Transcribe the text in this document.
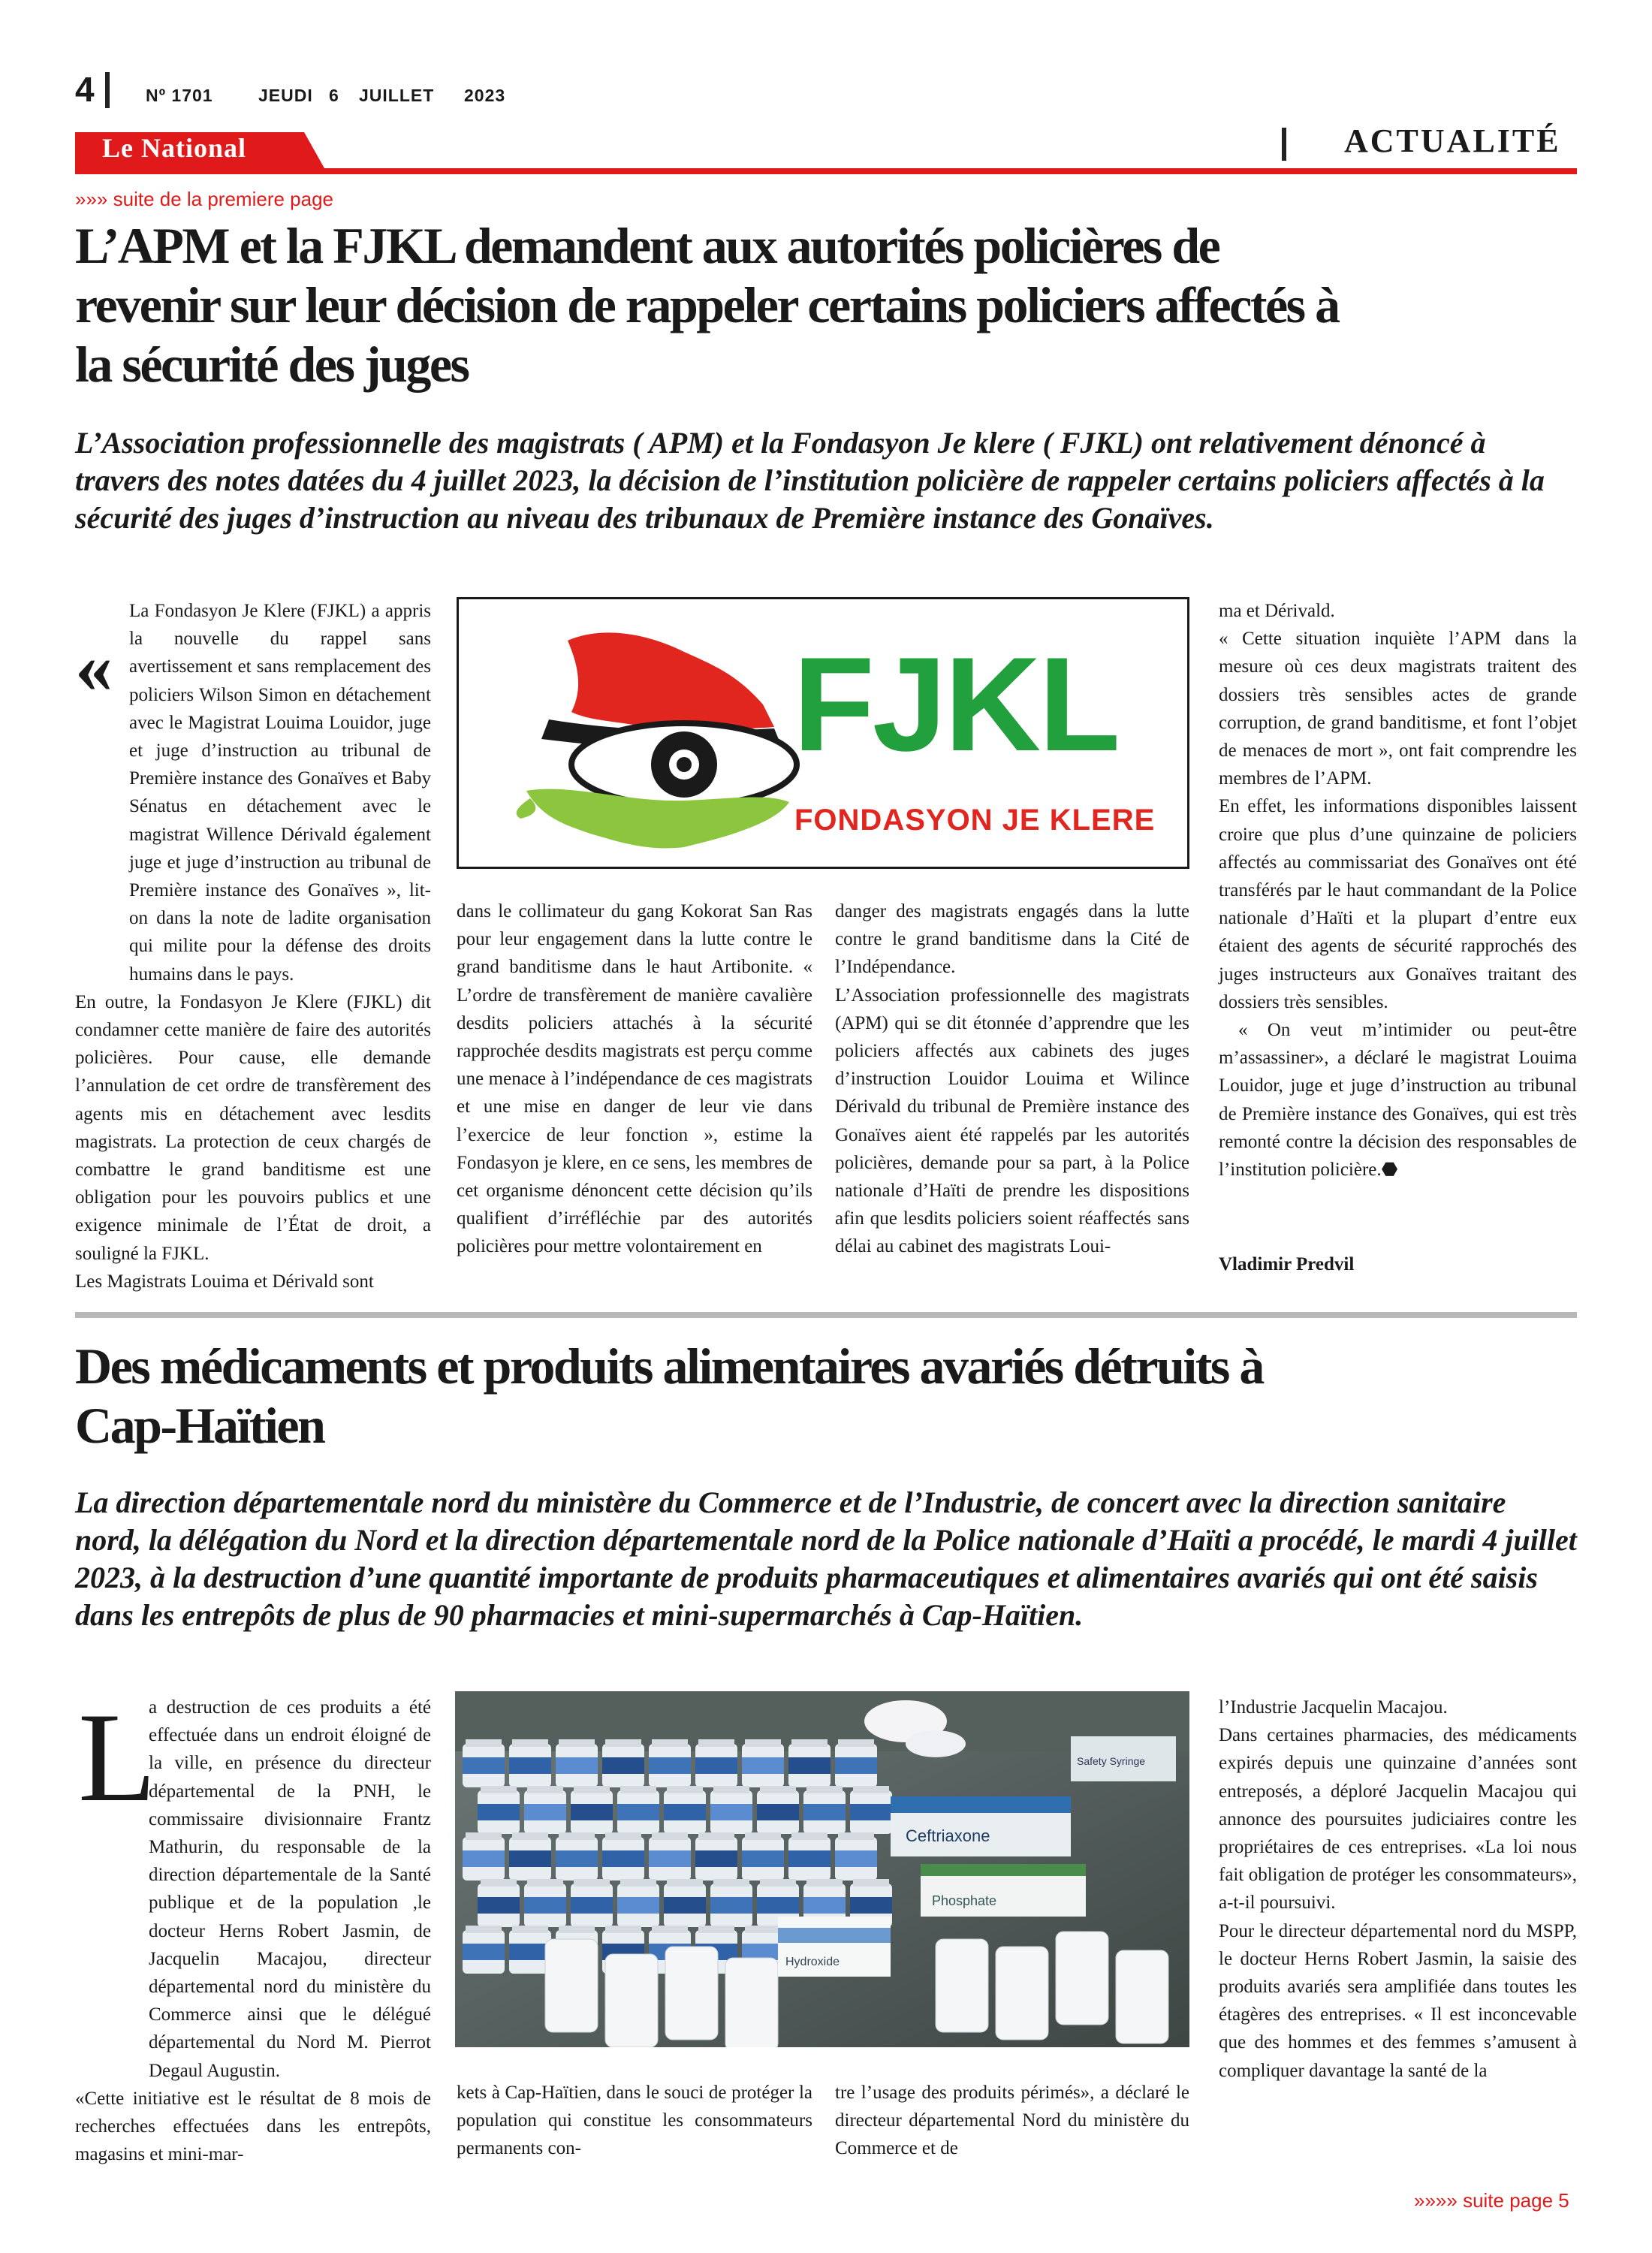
4	Nº 1701	JEUDI 6 JUILLET 2023
Le National	ACTUALITÉ
»»» suite de la premiere page
L’APM et la FJKL demandent aux autorités policières de
revenir sur leur décision de rappeler certains policiers affectés à
la sécurité des juges

L’Association professionnelle des magistrats ( APM) et la Fondasyon Je klere ( FJKL) ont relativement dénoncé à travers des notes datées du 4 juillet 2023, la décision de l’institution policière de rappeler certains policiers affectés à la sécurité des juges d’instruction au niveau des tribunaux de Première instance des Gonaïves.

«

La Fondasyon Je Klere (FJKL) a appris la nouvelle du rappel sans avertissement et sans remplacement des policiers Wilson Simon en détachement avec le Magistrat Louima Louidor, juge et juge d’instruction au tribunal de Première instance des Gonaïves et Baby Sénatus en détachement avec le magistrat Willence Dérivald également juge et juge d’instruction au tribunal de Première instance des Gonaïves », lit-on dans la note de ladite organisation qui milite pour la défense des droits humains dans le pays.

En outre, la Fondasyon Je Klere (FJKL) dit condamner cette manière de faire des autorités policières. Pour cause, elle demande l’annulation de cet ordre de transfèrement des agents mis en détachement avec lesdits magistrats. La protection de ceux chargés de combattre le grand banditisme est une obligation pour les pouvoirs publics et une exigence minimale de l’État de droit, a souligné la FJKL.

Les Magistrats Louima et Dérivald sont

FJKL
FONDASYON JE KLERE

dans le collimateur du gang Kokorat San Ras pour leur engagement dans la lutte contre le grand banditisme dans le haut Artibonite. « L’ordre de transfèrement de manière cavalière desdits policiers attachés à la sécurité rapprochée desdits magistrats est perçu comme une menace à l’indépendance de ces magistrats et une mise en danger de leur vie dans l’exercice de leur fonction », estime la Fondasyon je klere, en ce sens, les membres de cet organisme dénoncent cette décision qu’ils qualifient d’irréfléchie par des autorités policières pour mettre volontairement en

danger des magistrats engagés dans la lutte contre le grand banditisme dans la Cité de l’Indépendance.

L’Association professionnelle des magistrats (APM) qui se dit étonnée d’apprendre que les policiers affectés aux cabinets des juges d’instruction Louidor Louima et Wilince Dérivald du tribunal de Première instance des Gonaïves aient été rappelés par les autorités policières, demande pour sa part, à la Police nationale d’Haïti de prendre les dispositions afin que lesdits policiers soient réaffectés sans délai au cabinet des magistrats Loui-

ma et Dérivald.

« Cette situation inquiète l’APM dans la mesure où ces deux magistrats traitent des dossiers très sensibles actes de grande corruption, de grand banditisme, et font l’objet de menaces de mort », ont fait comprendre les membres de l’APM.

En effet, les informations disponibles laissent croire que plus d’une quinzaine de policiers affectés au commissariat des Gonaïves ont été transférés par le haut commandant de la Police nationale d’Haïti et la plupart d’entre eux étaient des agents de sécurité rapprochés des juges instructeurs aux Gonaïves traitant des dossiers très sensibles.

« On veut m’intimider ou peut-être m’assassiner», a déclaré le magistrat Louima Louidor, juge et juge d’instruction au tribunal de Première instance des Gonaïves, qui est très remonté contre la décision des responsables de l’institution policière.⬣

Vladimir Predvil
Des médicaments et produits alimentaires avariés détruits à
Cap-Haïtien

La direction départementale nord du ministère du Commerce et de l’Industrie, de concert avec la direction sanitaire nord, la délégation du Nord et la direction départementale nord de la Police nationale d’Haïti a procédé, le mardi 4 juillet 2023, à la destruction d’une quantité importante de produits pharmaceutiques et alimentaires avariés qui ont été saisis dans les entrepôts de plus de 90 pharmacies et mini-supermarchés à Cap-Haïtien.

L

a destruction de ces produits a été effectuée dans un endroit éloigné de la ville, en présence du directeur départemental de la PNH, le commissaire divisionnaire Frantz Mathurin, du responsable de la direction départementale de la Santé publique et de la population ,le docteur Herns Robert Jasmin, de Jacquelin Macajou, directeur départemental nord du ministère du Commerce ainsi que le délégué départemental du Nord M. Pierrot Degaul Augustin.

«Cette initiative est le résultat de 8 mois de recherches effectuées dans les entrepôts, magasins et mini-mar-

Ceftriaxone
Phosphate
Safety Syringe
Hydroxide

kets à Cap-Haïtien, dans le souci de protéger la population qui constitue les consommateurs permanents con-

tre l’usage des produits périmés», a déclaré le directeur départemental Nord du ministère du Commerce et de

l’Industrie Jacquelin Macajou.

Dans certaines pharmacies, des médicaments expirés depuis une quinzaine d’années sont entreposés, a déploré Jacquelin Macajou qui annonce des poursuites judiciaires contre les propriétaires de ces entreprises. «La loi nous fait obligation de protéger les consommateurs», a-t-il poursuivi.

Pour le directeur départemental nord du MSPP, le docteur Herns Robert Jasmin, la saisie des produits avariés sera amplifiée dans toutes les étagères des entreprises. « Il est inconcevable que des hommes et des femmes s’amusent à compliquer davantage la santé de la

»»»» suite page 5
